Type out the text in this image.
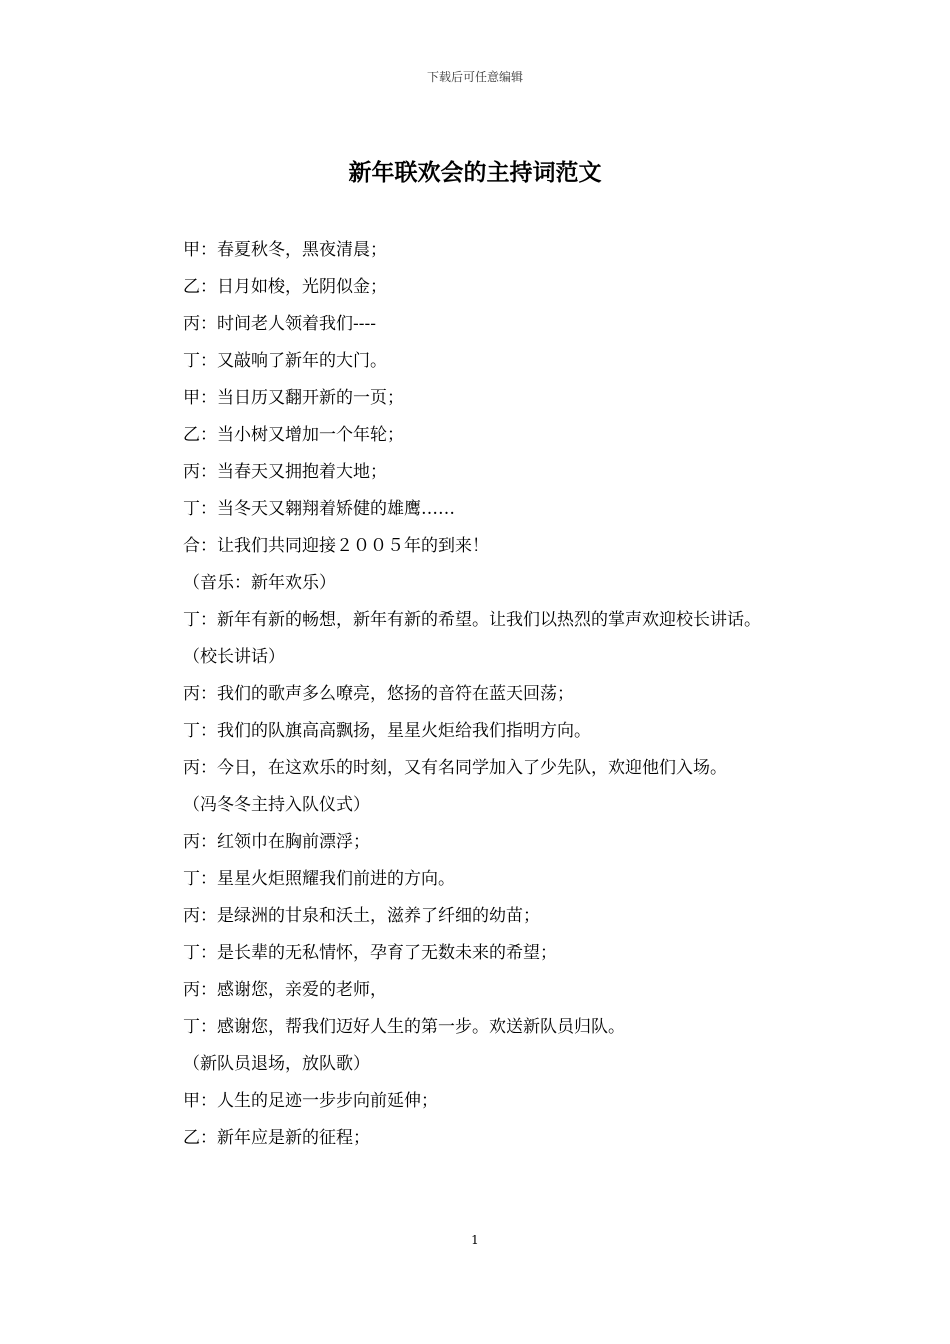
下载后可任意编辑
新年联欢会的主持词范文

甲：春夏秋冬，黑夜清晨；

乙：日月如梭，光阴似金；

丙：时间老人领着我们----

丁：又敲响了新年的大门。

甲：当日历又翻开新的一页；

乙：当小树又增加一个年轮；

丙：当春天又拥抱着大地；

丁：当冬天又翱翔着矫健的雄鹰……

合：让我们共同迎接２００５年的到来！

（音乐：新年欢乐）

丁：新年有新的畅想，新年有新的希望。让我们以热烈的掌声欢迎校长讲话。

（校长讲话）

丙：我们的歌声多么嘹亮，悠扬的音符在蓝天回荡；

丁：我们的队旗高高飘扬，星星火炬给我们指明方向。

丙：今日，在这欢乐的时刻，又有名同学加入了少先队，欢迎他们入场。

（冯冬冬主持入队仪式）

丙：红领巾在胸前漂浮；

丁：星星火炬照耀我们前进的方向。

丙：是绿洲的甘泉和沃土，滋养了纤细的幼苗；

丁：是长辈的无私情怀，孕育了无数未来的希望；

丙：感谢您，亲爱的老师，

丁：感谢您，帮我们迈好人生的第一步。欢送新队员归队。

（新队员退场，放队歌）

甲：人生的足迹一步步向前延伸；

乙：新年应是新的征程；

1
